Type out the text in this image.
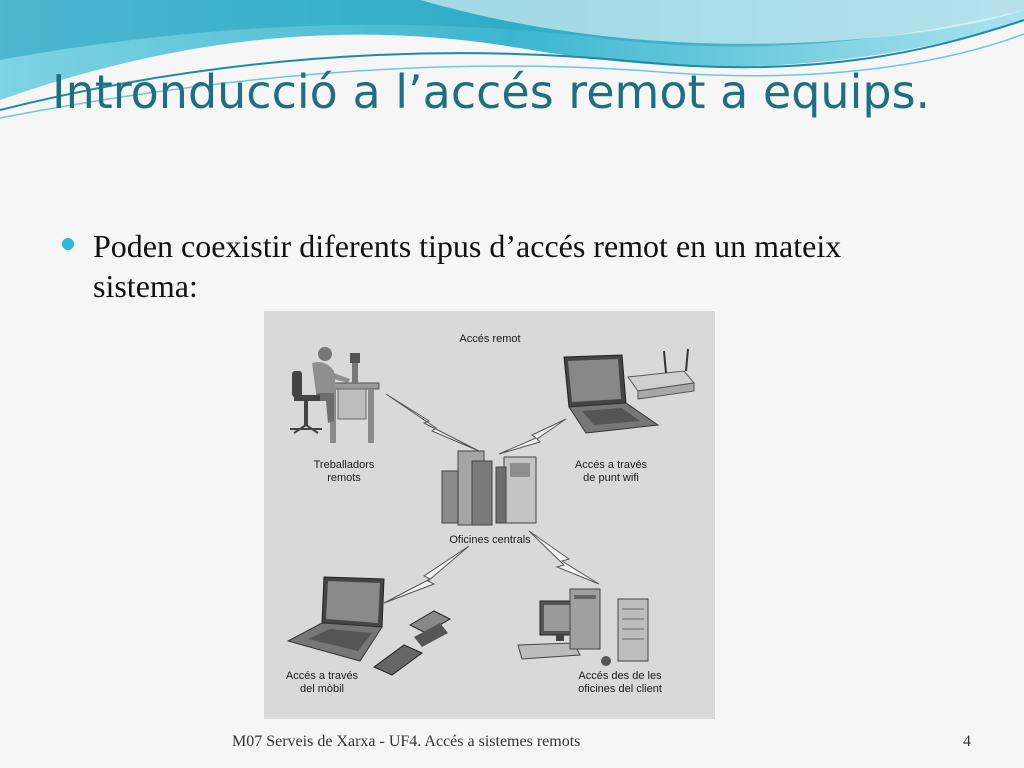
Intronducció a l’accés remot a equips.
Poden coexistir diferents tipus d’accés remot en un mateix sistema:
Accés remot
Treballadors
remots
Accés a través
de punt wifi
Oficines centrals
Accés a través
del mòbil
Accés des de les
oficines del client
M07 Serveis de Xarxa - UF4. Accés a sistemes remots	4
